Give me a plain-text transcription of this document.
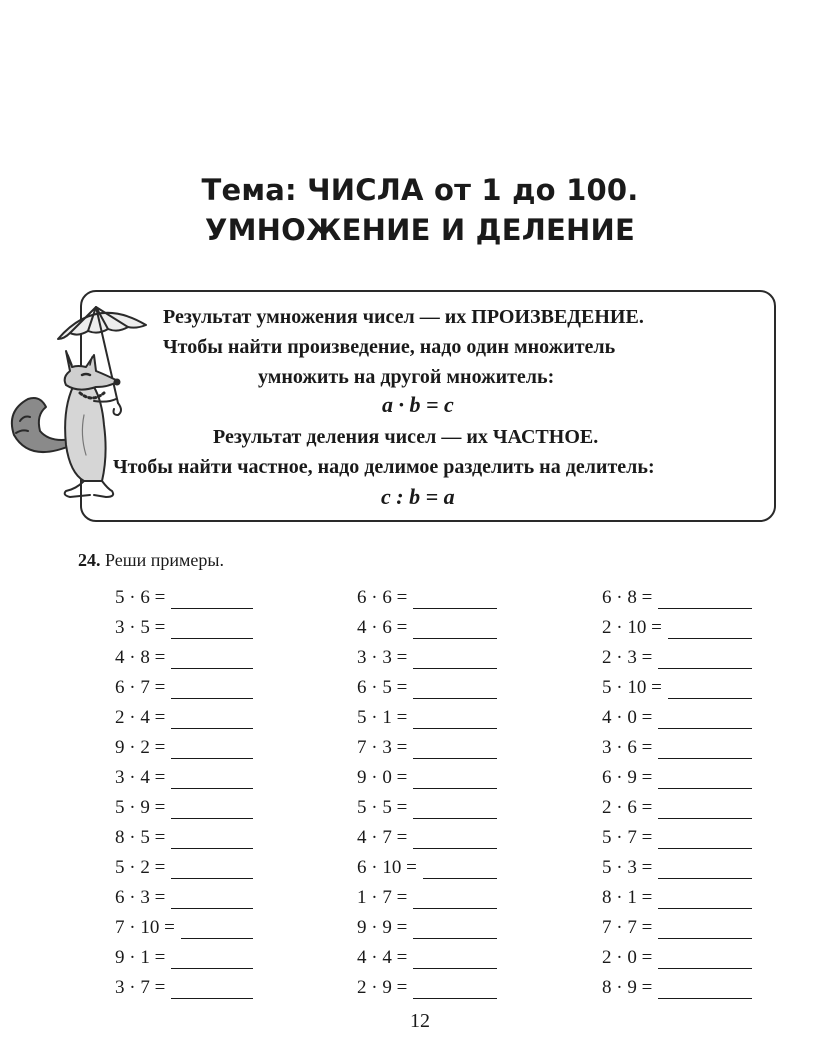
Тема: ЧИСЛА от 1 до 100.
УМНОЖЕНИЕ И ДЕЛЕНИЕ
Результат умножения чисел — их ПРОИЗВЕДЕНИЕ.
Чтобы найти произведение, надо один множитель
умножить на другой множитель:
a · b = c
Результат деления чисел — их ЧАСТНОЕ.
Чтобы найти частное, надо делимое разделить на делитель:
c : b = a
24. Реши примеры.
5 · 6 =
3 · 5 =
4 · 8 =
6 · 7 =
2 · 4 =
9 · 2 =
3 · 4 =
5 · 9 =
8 · 5 =
5 · 2 =
6 · 3 =
7 · 10 =
9 · 1 =
3 · 7 =
6 · 6 =
4 · 6 =
3 · 3 =
6 · 5 =
5 · 1 =
7 · 3 =
9 · 0 =
5 · 5 =
4 · 7 =
6 · 10 =
1 · 7 =
9 · 9 =
4 · 4 =
2 · 9 =
6 · 8 =
2 · 10 =
2 · 3 =
5 · 10 =
4 · 0 =
3 · 6 =
6 · 9 =
2 · 6 =
5 · 7 =
5 · 3 =
8 · 1 =
7 · 7 =
2 · 0 =
8 · 9 =
12
